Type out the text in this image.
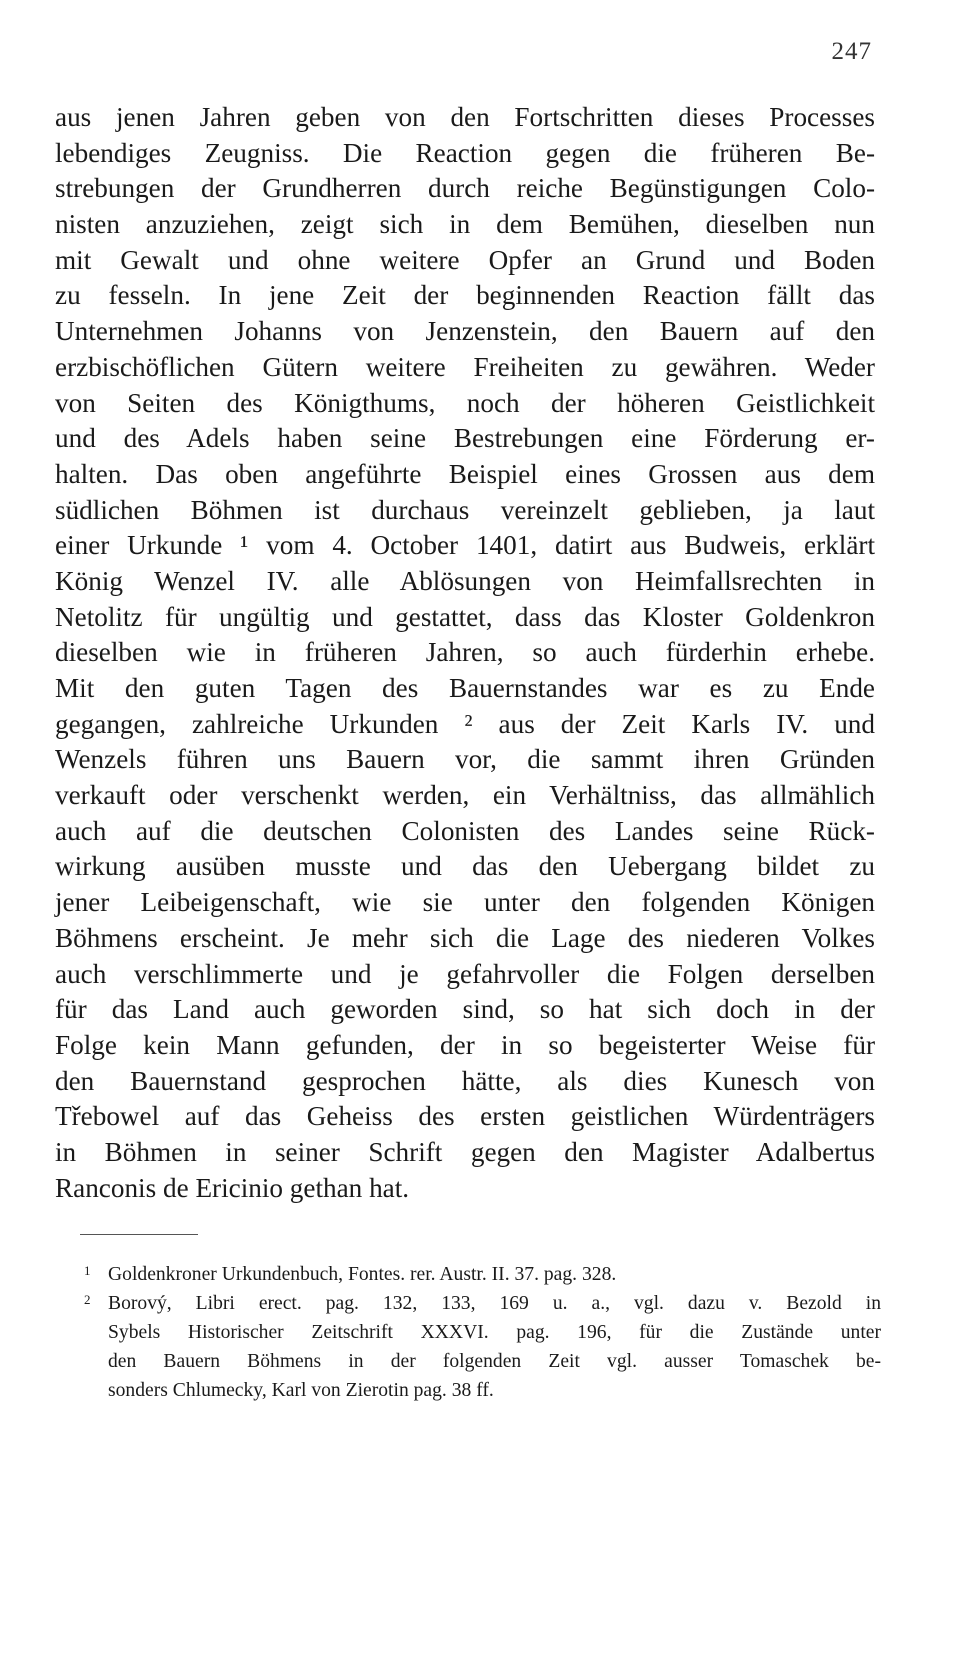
247
aus jenen Jahren geben von den Fortschritten dieses Processes
lebendiges Zeugniss. Die Reaction gegen die früheren Be-
strebungen der Grundherren durch reiche Begünstigungen Colo-
nisten anzuziehen, zeigt sich in dem Bemühen, dieselben nun
mit Gewalt und ohne weitere Opfer an Grund und Boden
zu fesseln. In jene Zeit der beginnenden Reaction fällt das
Unternehmen Johanns von Jenzenstein, den Bauern auf den
erzbischöflichen Gütern weitere Freiheiten zu gewähren. Weder
von Seiten des Königthums, noch der höheren Geistlichkeit
und des Adels haben seine Bestrebungen eine Förderung er-
halten. Das oben angeführte Beispiel eines Grossen aus dem
südlichen Böhmen ist durchaus vereinzelt geblieben, ja laut
einer Urkunde ¹ vom 4. October 1401, datirt aus Budweis, erklärt
König Wenzel IV. alle Ablösungen von Heimfallsrechten in
Netolitz für ungültig und gestattet, dass das Kloster Goldenkron
dieselben wie in früheren Jahren, so auch fürderhin erhebe.
Mit den guten Tagen des Bauernstandes war es zu Ende
gegangen, zahlreiche Urkunden ² aus der Zeit Karls IV. und
Wenzels führen uns Bauern vor, die sammt ihren Gründen
verkauft oder verschenkt werden, ein Verhältniss, das allmählich
auch auf die deutschen Colonisten des Landes seine Rück-
wirkung ausüben musste und das den Uebergang bildet zu
jener Leibeigenschaft, wie sie unter den folgenden Königen
Böhmens erscheint. Je mehr sich die Lage des niederen Volkes
auch verschlimmerte und je gefahrvoller die Folgen derselben
für das Land auch geworden sind, so hat sich doch in der
Folge kein Mann gefunden, der in so begeisterter Weise für
den Bauernstand gesprochen hätte, als dies Kunesch von
Třebowel auf das Geheiss des ersten geistlichen Würdenträgers
in Böhmen in seiner Schrift gegen den Magister Adalbertus
Ranconis de Ericinio gethan hat.
1 Goldenkroner Urkundenbuch, Fontes. rer. Austr. II. 37. pag. 328.
2 Borový, Libri erect. pag. 132, 133, 169 u. a., vgl. dazu v. Bezold in
Sybels Historischer Zeitschrift XXXVI. pag. 196, für die Zustände unter
den Bauern Böhmens in der folgenden Zeit vgl. ausser Tomaschek be-
sonders Chlumecky, Karl von Zierotin pag. 38 ff.
